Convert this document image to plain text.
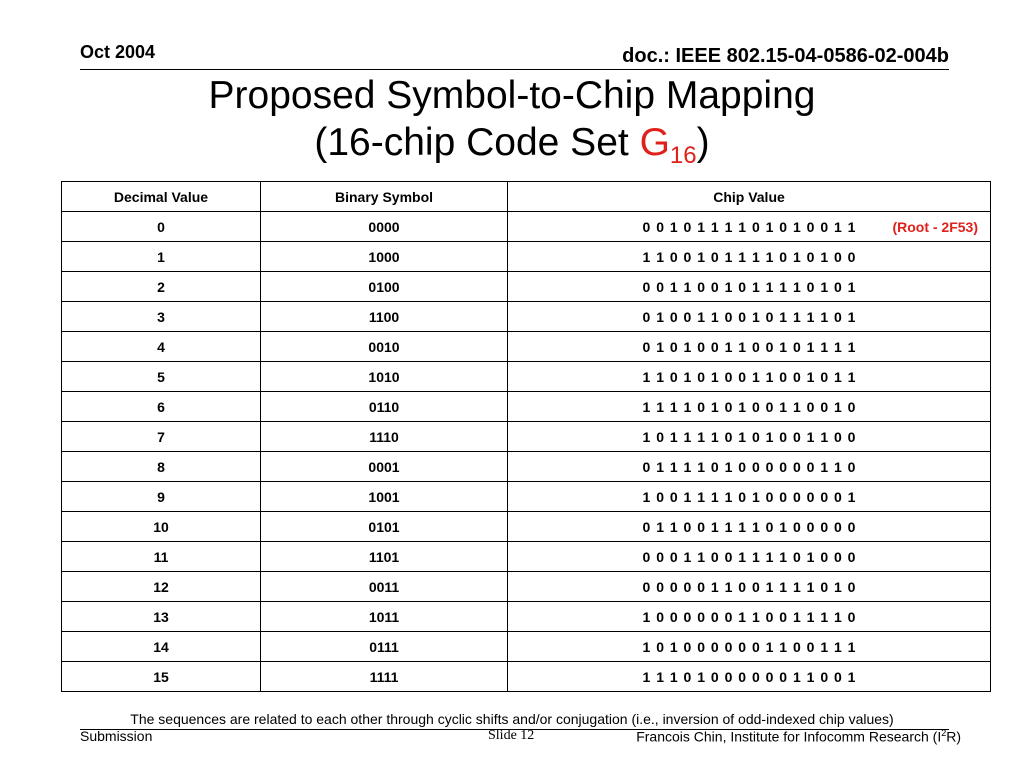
Oct 2004	doc.: IEEE 802.15-04-0586-02-004b
Proposed Symbol-to-Chip Mapping
(16-chip Code Set $G_{16}$)
Decimal Value	Binary Symbol	Chip Value
0	0000	0 0 1 0 1 1 1 1 0 1 0 1 0 0 1 1 (Root - 2F53)

1	1000	1 1 0 0 1 0 1 1 1 1 0 1 0 1 0 0
2	0100	0 0 1 1 0 0 1 0 1 1 1 1 0 1 0 1
3	1100	0 1 0 0 1 1 0 0 1 0 1 1 1 1 0 1
4	0010	0 1 0 1 0 0 1 1 0 0 1 0 1 1 1 1
5	1010	1 1 0 1 0 1 0 0 1 1 0 0 1 0 1 1
6	0110	1 1 1 1 0 1 0 1 0 0 1 1 0 0 1 0
7	1110	1 0 1 1 1 1 0 1 0 1 0 0 1 1 0 0
8	0001	0 1 1 1 1 0 1 0 0 0 0 0 0 1 1 0
9	1001	1 0 0 1 1 1 1 0 1 0 0 0 0 0 0 1
10	0101	0 1 1 0 0 1 1 1 1 0 1 0 0 0 0 0
11	1101	0 0 0 1 1 0 0 1 1 1 1 0 1 0 0 0
12	0011	0 0 0 0 0 1 1 0 0 1 1 1 1 0 1 0
13	1011	1 0 0 0 0 0 0 1 1 0 0 1 1 1 1 0
14	0111	1 0 1 0 0 0 0 0 0 1 1 0 0 1 1 1
15	1111	1 1 1 0 1 0 0 0 0 0 0 1 1 0 0 1
The sequences are related to each other through cyclic shifts and/or conjugation (i.e., inversion of odd-indexed chip values)
Submission	Slide 12	Francois Chin, Institute for Infocomm Research $(I^2R)$
